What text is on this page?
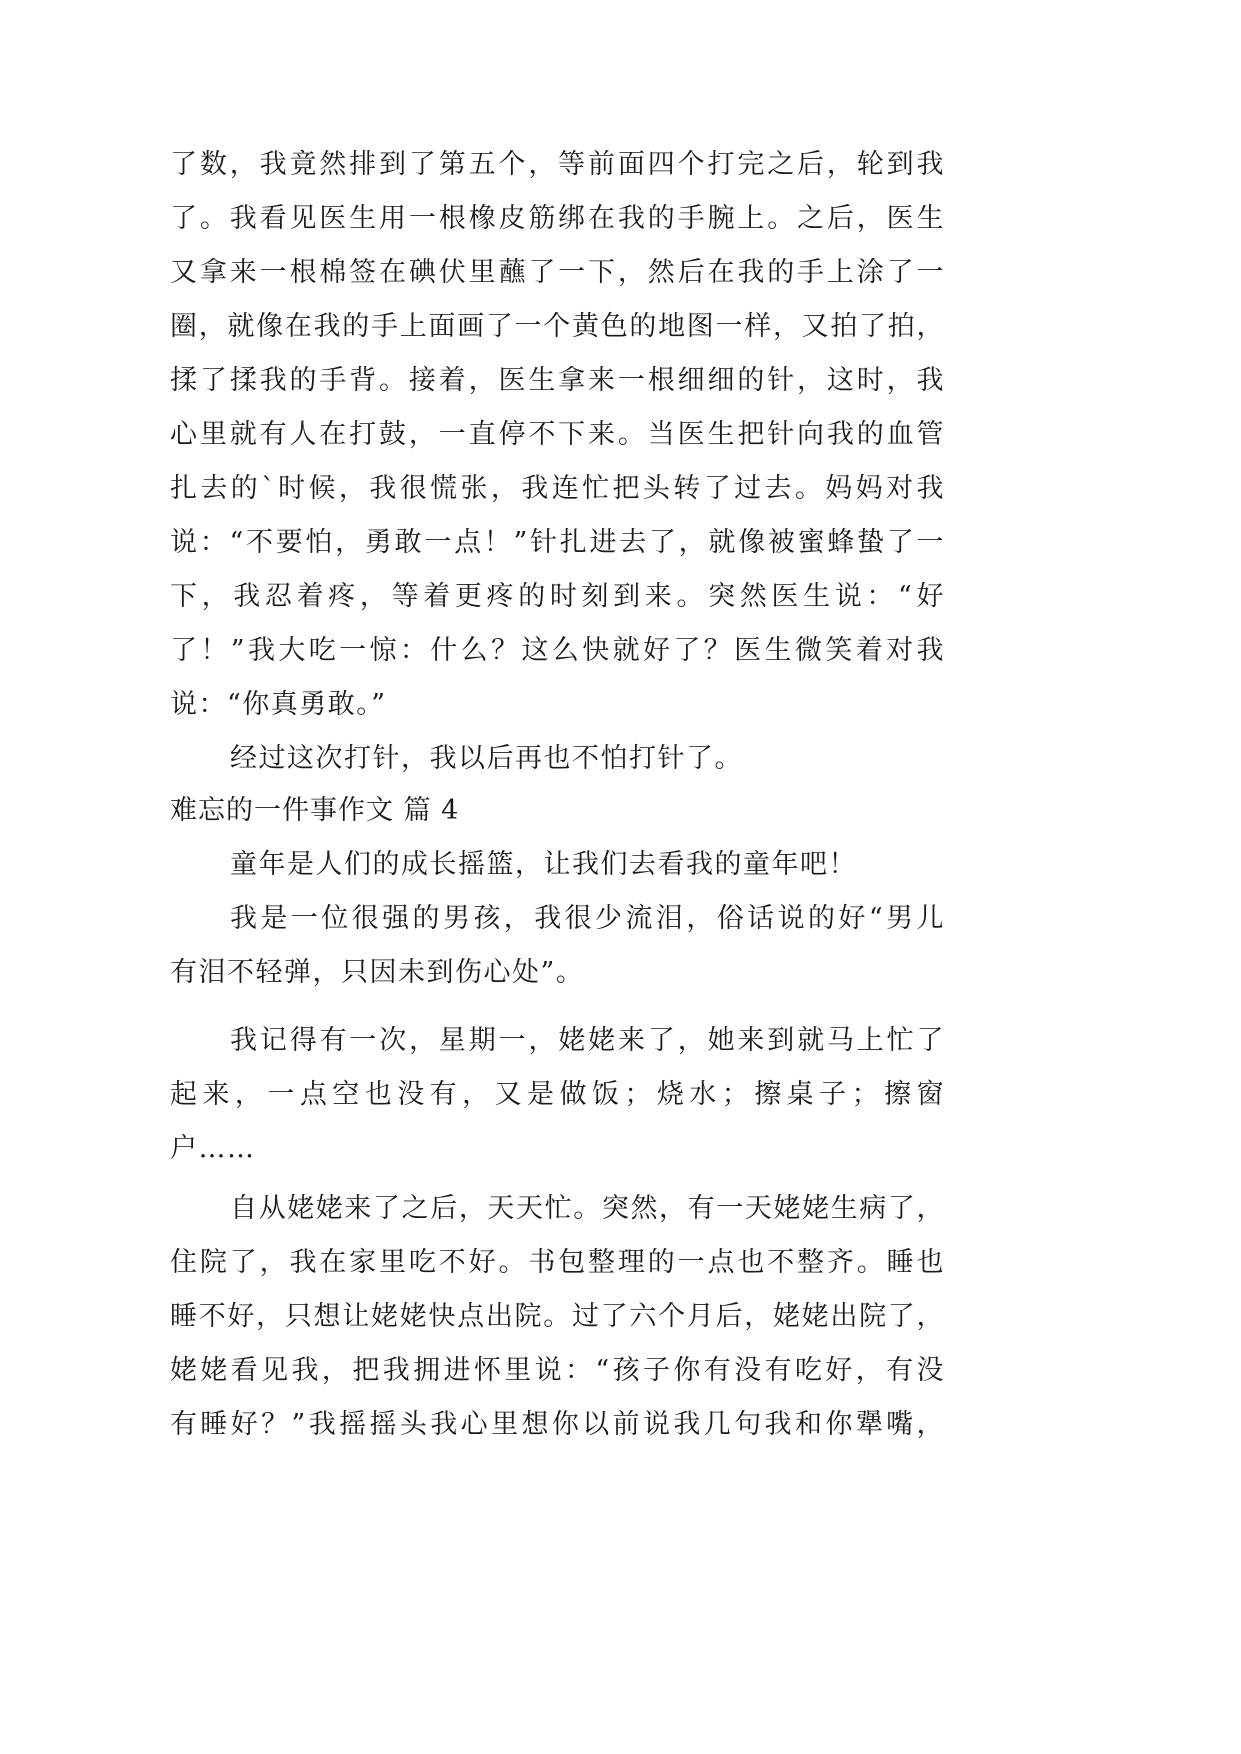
了数，我竟然排到了第五个，等前面四个打完之后，轮到我
了。我看见医生用一根橡皮筋绑在我的手腕上。之后，医生
又拿来一根棉签在碘伏里蘸了一下，然后在我的手上涂了一
圈，就像在我的手上面画了一个黄色的地图一样，又拍了拍，
揉了揉我的手背。接着，医生拿来一根细细的针，这时，我
心里就有人在打鼓，一直停不下来。当医生把针向我的血管
扎去的`时候，我很慌张，我连忙把头转了过去。妈妈对我
说：“不要怕，勇敢一点！”针扎进去了，就像被蜜蜂蛰了一
下，我忍着疼，等着更疼的时刻到来。突然医生说：“好
了！”我大吃一惊：什么？这么快就好了？医生微笑着对我
说：“你真勇敢。”
经过这次打针，我以后再也不怕打针了。
难忘的一件事作文 篇 4
童年是人们的成长摇篮，让我们去看我的童年吧！
我是一位很强的男孩，我很少流泪，俗话说的好“男儿
有泪不轻弹，只因未到伤心处”。
我记得有一次，星期一，姥姥来了，她来到就马上忙了
起来，一点空也没有，又是做饭；烧水；擦桌子；擦窗
户……
自从姥姥来了之后，天天忙。突然，有一天姥姥生病了，
住院了，我在家里吃不好。书包整理的一点也不整齐。睡也
睡不好，只想让姥姥快点出院。过了六个月后，姥姥出院了，
姥姥看见我，把我拥进怀里说：“孩子你有没有吃好，有没
有睡好？”我摇摇头我心里想你以前说我几句我和你犟嘴，
